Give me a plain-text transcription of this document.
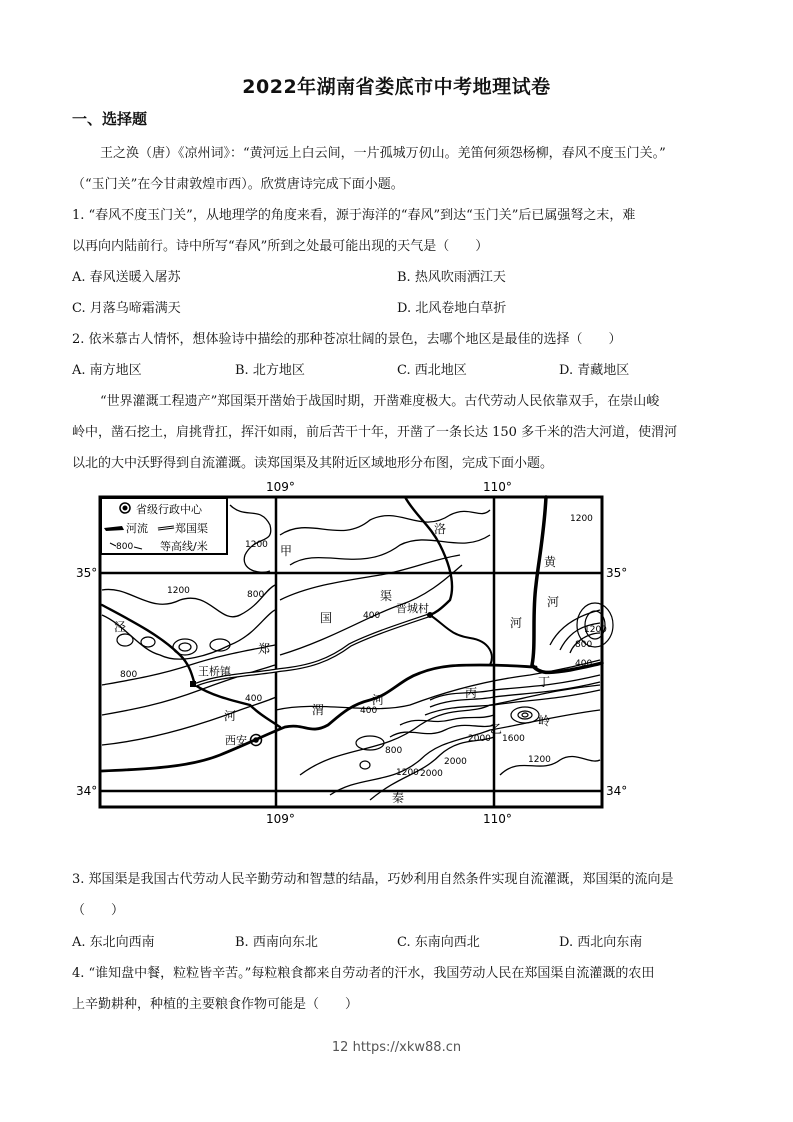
2022年湖南省娄底市中考地理试卷
一、选择题
王之涣（唐）《凉州词》：“黄河远上白云间，一片孤城万仞山。羌笛何须怨杨柳，春风不度玉门关。”
（“玉门关”在今甘肃敦煌市西）。欣赏唐诗完成下面小题。
1. “春风不度玉门关”，从地理学的角度来看，源于海洋的“春风”到达“玉门关”后已属强弩之末，难
以再向内陆前行。诗中所写“春风”所到之处最可能出现的天气是（　　）
A. 春风送暖入屠苏	B. 热风吹雨洒江天
C. 月落乌啼霜满天	D. 北风卷地白草折
2. 依米慕古人情怀，想体验诗中描绘的那种苍凉壮阔的景色，去哪个地区是最佳的选择（　　）
A. 南方地区	B. 北方地区	C. 西北地区	D. 青藏地区
“世界灌溉工程遗产”郑国渠开凿始于战国时期，开凿难度极大。古代劳动人民依靠双手，在崇山峻
岭中，凿石挖土，肩挑背扛，挥汗如雨，前后苦干十年，开凿了一条长达 150 多千米的浩大河道，使渭河
以北的大中沃野得到自流灌溉。读郑国渠及其附近区域地形分布图，完成下面小题。
省级行政中心
河流 郑国渠
800 等高线/米
109°	110°
109°	110°
35°	35°
34°	34°
王桥镇
晋城村
西安
泾
河
洛
黄
河
渭
河
河
郑
国
渠
甲
乙
丙
丁
秦
岭
1200
1200	800
800
400
400
400
1200
400
800
1200
800
2000 1600
2000
2000
1200
1200
3. 郑国渠是我国古代劳动人民辛勤劳动和智慧的结晶，巧妙利用自然条件实现自流灌溉，郑国渠的流向是
（　　）
A. 东北向西南	B. 西南向东北	C. 东南向西北	D. 西北向东南
4. “谁知盘中餐，粒粒皆辛苦。”每粒粮食都来自劳动者的汗水，我国劳动人民在郑国渠自流灌溉的农田
上辛勤耕种，种植的主要粮食作物可能是（　　）
12 https://xkw88.cn
